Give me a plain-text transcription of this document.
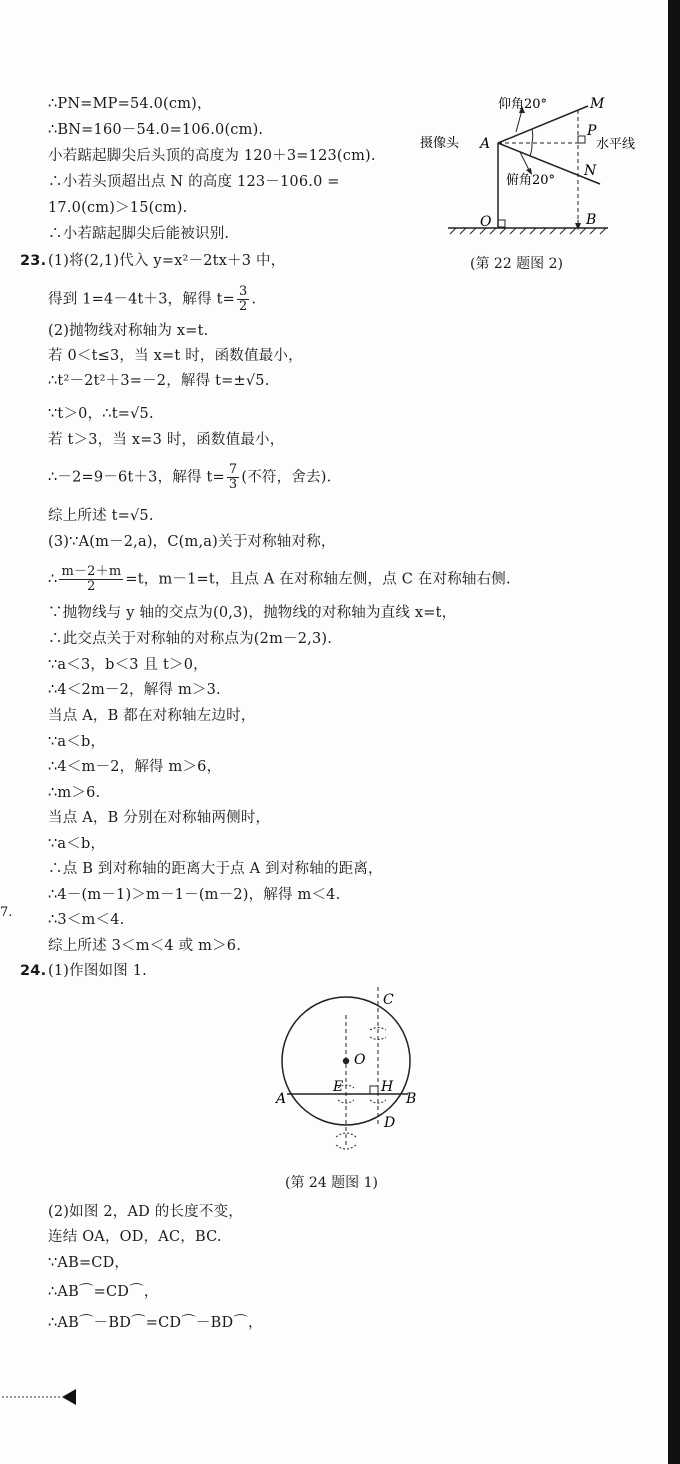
∴PN=MP=54.0(cm)，
∴BN=160－54.0=106.0(cm).
小若踮起脚尖后头顶的高度为 120＋3=123(cm).
∴小若头顶超出点 N 的高度 123－106.0 =
17.0(cm)＞15(cm).
∴小若踮起脚尖后能被识别.
仰角20°
摄像头 A
M
P
水平线
N
俯角20°
O	B
(第 22 题图 2)
23. (1)将(2,1)代入 y=x²－2tx＋3 中，
得到 1=4－4t＋3，解得 $t= \frac{3}{2}$ .
(2)抛物线对称轴为 x=t.
若 0＜t≤3，当 x=t 时，函数值最小，
∴t²－2t²＋3=－2，解得 t=±√5.
∵t＞0，∴t=√5.
若 t＞3，当 x=3 时，函数值最小，
∴－2=9－6t＋3，解得 $t= \frac{7}{3}$ (不符，舍去).
综上所述 t=√5.
(3)∵A(m－2,a)，C(m,a)关于对称轴对称，
∴ $\frac{m-2+m}{2} =t$，m－1=t，且点 A 在对称轴左侧，点 C 在对称轴右侧.
∵抛物线与 y 轴的交点为(0,3)，抛物线的对称轴为直线 x=t，
∴此交点关于对称轴的对称点为(2m－2,3).
∵a＜3，b＜3 且 t＞0，
∴4＜2m－2，解得 m＞3.
当点 A，B 都在对称轴左边时，
∵a＜b，
∴4＜m－2，解得 m＞6，
∴m＞6.
当点 A，B 分别在对称轴两侧时，
∵a＜b，
∴点 B 到对称轴的距离大于点 A 到对称轴的距离，
∴4－(m－1)＞m－1－(m－2)，解得 m＜4.
∴3＜m＜4.
综上所述 3＜m＜4 或 m＞6.
7.
24. (1)作图如图 1.
C
O
E	H
A	B
D
(第 24 题图 1)
(2)如图 2，AD 的长度不变，
连结 OA，OD，AC，BC.
∵AB=CD，
∴AB⌒=CD⌒，
∴AB⌒－BD⌒=CD⌒－BD⌒，
